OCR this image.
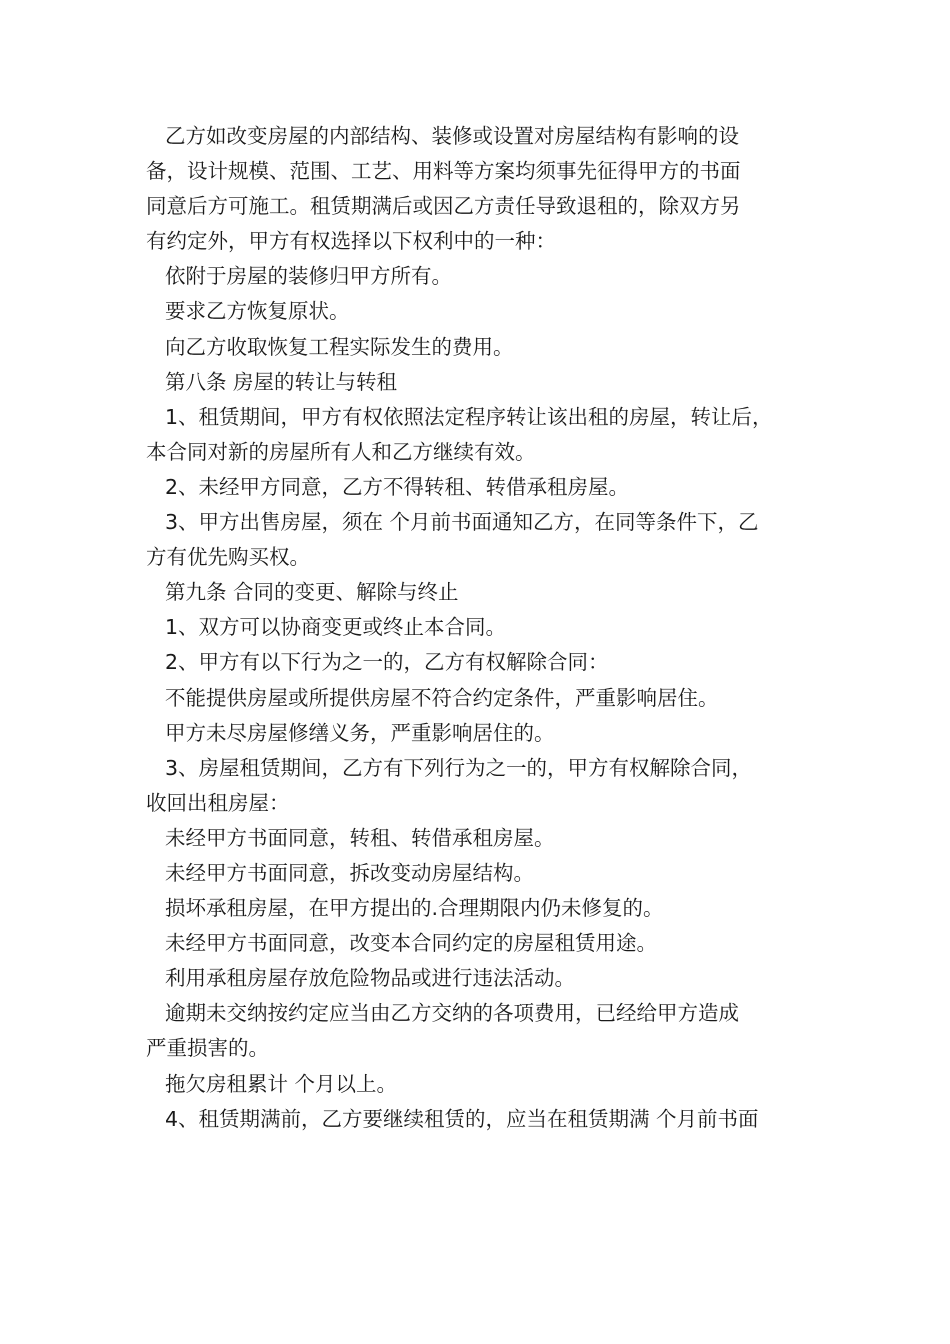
乙方如改变房屋的内部结构、装修或设置对房屋结构有影响的设
备，设计规模、范围、工艺、用料等方案均须事先征得甲方的书面
同意后方可施工。租赁期满后或因乙方责任导致退租的，除双方另
有约定外，甲方有权选择以下权利中的一种：

依附于房屋的装修归甲方所有。

要求乙方恢复原状。

向乙方收取恢复工程实际发生的费用。

第八条 房屋的转让与转租

1、租赁期间，甲方有权依照法定程序转让该出租的房屋，转让后，
本合同对新的房屋所有人和乙方继续有效。

2、未经甲方同意，乙方不得转租、转借承租房屋。

3、甲方出售房屋，须在 个月前书面通知乙方，在同等条件下，乙
方有优先购买权。

第九条 合同的变更、解除与终止

1、双方可以协商变更或终止本合同。

2、甲方有以下行为之一的，乙方有权解除合同：

不能提供房屋或所提供房屋不符合约定条件，严重影响居住。

甲方未尽房屋修缮义务，严重影响居住的。

3、房屋租赁期间，乙方有下列行为之一的，甲方有权解除合同，
收回出租房屋：

未经甲方书面同意，转租、转借承租房屋。

未经甲方书面同意，拆改变动房屋结构。

损坏承租房屋，在甲方提出的.合理期限内仍未修复的。

未经甲方书面同意，改变本合同约定的房屋租赁用途。

利用承租房屋存放危险物品或进行违法活动。

逾期未交纳按约定应当由乙方交纳的各项费用，已经给甲方造成
严重损害的。

拖欠房租累计 个月以上。

4、租赁期满前，乙方要继续租赁的，应当在租赁期满 个月前书面
